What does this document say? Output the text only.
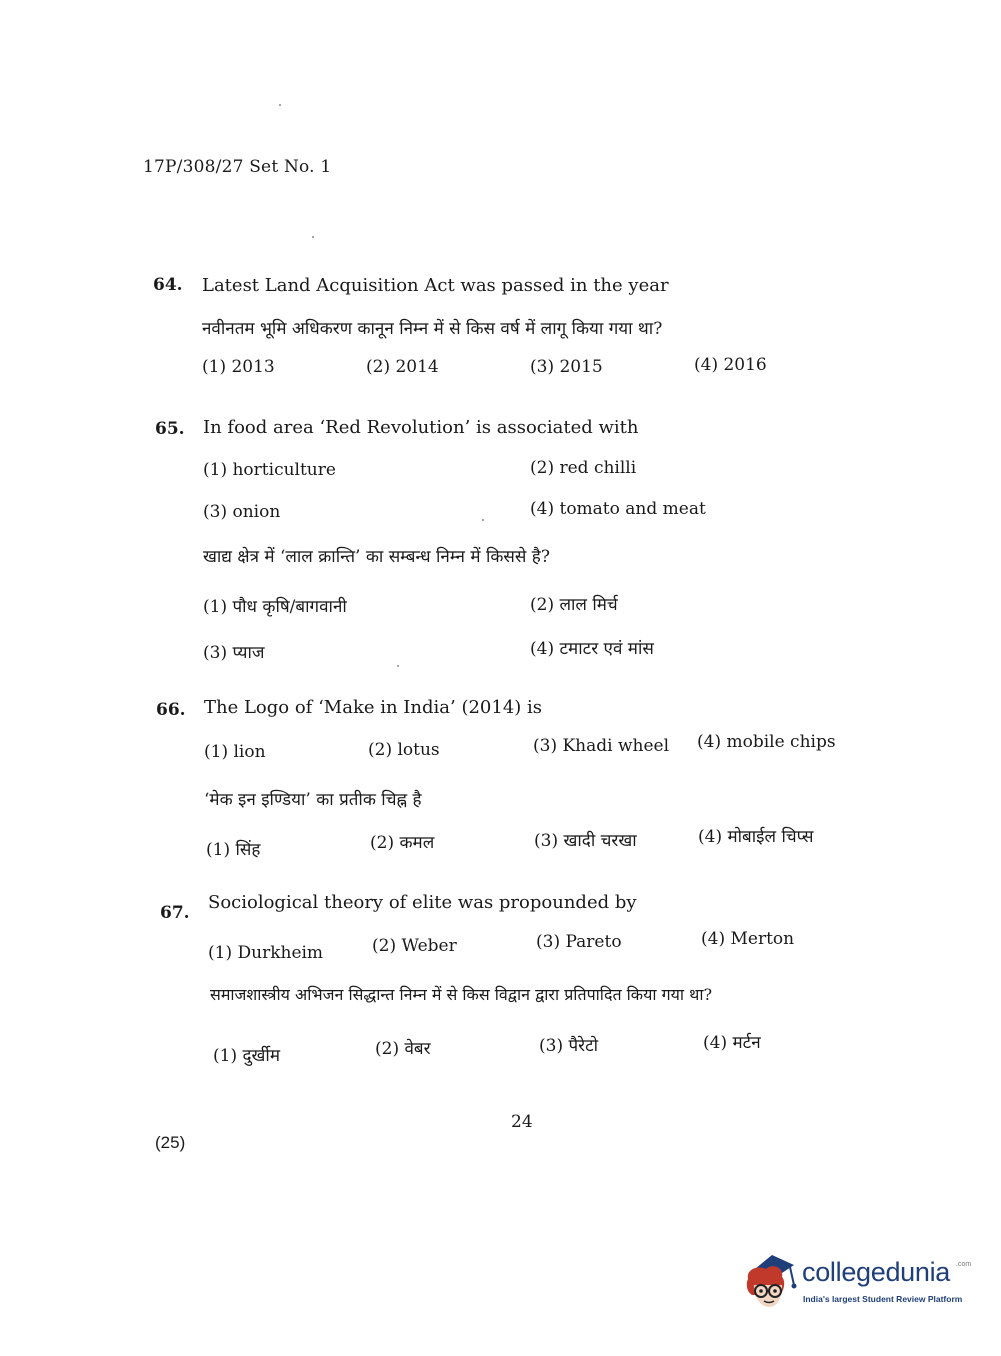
17P/308/27 Set No. 1
64. Latest Land Acquisition Act was passed in the year
नवीनतम भूमि अधिकरण कानून निम्न में से किस वर्ष में लागू किया गया था?
(1) 2013	(2) 2014	(3) 2015	(4) 2016
65. In food area ‘Red Revolution’ is associated with
(1) horticulture	(2) red chilli
(3) onion	(4) tomato and meat
खाद्य क्षेत्र में ‘लाल क्रान्ति’ का सम्बन्ध निम्न में किससे है?
(1) पौध कृषि/बागवानी	(2) लाल मिर्च
(3) प्याज	(4) टमाटर एवं मांस
66. The Logo of ‘Make in India’ (2014) is
(1) lion	(2) lotus	(3) Khadi wheel (4) mobile chips
‘मेक इन इण्डिया’ का प्रतीक चिह्न है
(1) सिंह	(2) कमल	(3) खादी चरखा	(4) मोबाईल चिप्स
67. Sociological theory of elite was propounded by
(1) Durkheim	(2) Weber	(3) Pareto	(4) Merton
समाजशास्त्रीय अभिजन सिद्धान्त निम्न में से किस विद्वान द्वारा प्रतिपादित किया गया था?
(1) दुर्खीम	(2) वेबर	(3) पैरेटो	(4) मर्टन
24
(25)
collegedunia .com
India's largest Student Review Platform
